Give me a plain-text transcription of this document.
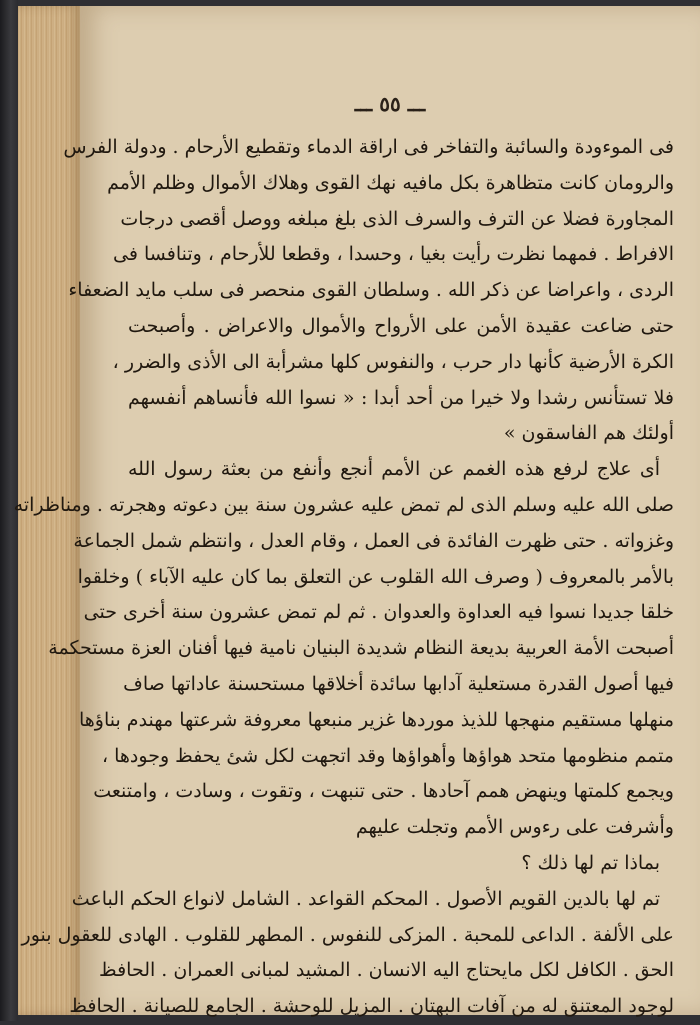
ـــ ٥٥ ـــ

فى الموءودة والسائبة والتفاخر فى اراقة الدماء وتقطيع الأرحام . ودولة الفرس

والرومان كانت متظاهرة بكل مافيه نهك القوى وهلاك الأموال وظلم الأمم

المجاورة فضلا عن الترف والسرف الذى بلغ مبلغه ووصل أقصى درجات

الافراط . فمهما نظرت رأيت بغيا ، وحسدا ، وقطعا للأرحام ، وتنافسا فى

الردى ، واعراضا عن ذكر الله . وسلطان القوى منحصر فى سلب مايد الضعفاء

حتى ضاعت عقيدة الأمن على الأرواح والأموال والاعراض . وأصبحت

الكرة الأرضية كأنها دار حرب ، والنفوس كلها مشرأبة الى الأذى والضرر ،

فلا تستأنس رشدا ولا خيرا من أحد أبدا : « نسوا الله فأنساهم أنفسهم

أولئك هم الفاسقون »

أى علاج لرفع هذه الغمم عن الأمم أنجع وأنفع من بعثة رسول الله

صلى الله عليه وسلم الذى لم تمض عليه عشرون سنة بين دعوته وهجرته . ومناظراته

وغزواته . حتى ظهرت الفائدة فى العمل ، وقام العدل ، وانتظم شمل الجماعة

بالأمر بالمعروف ( وصرف الله القلوب عن التعلق بما كان عليه الآباء ) وخلقوا

خلقا جديدا نسوا فيه العداوة والعدوان . ثم لم تمض عشرون سنة أخرى حتى

أصبحت الأمة العربية بديعة النظام شديدة البنيان نامية فيها أفنان العزة مستحكمة

فيها أصول القدرة مستعلية آدابها سائدة أخلاقها مستحسنة عاداتها صاف

منهلها مستقيم منهجها للذيذ موردها غزير منبعها معروفة شرعتها مهندم بناؤها

متمم منظومها متحد هواؤها وأهواؤها وقد اتجهت لكل شئ يحفظ وجودها ،

ويجمع كلمتها وينهض همم آحادها . حتى تنبهت ، وتقوت ، وسادت ، وامتنعت

وأشرفت على رءوس الأمم وتجلت عليهم

بماذا تم لها ذلك ؟

تم لها بالدين القويم الأصول . المحكم القواعد . الشامل لانواع الحكم الباعث

على الألفة . الداعى للمحبة . المزكى للنفوس . المطهر للقلوب . الهادى للعقول بنور

الحق . الكافل لكل مايحتاج اليه الانسان . المشيد لمبانى العمران . الحافظ

لوجود المعتنق له من آفات البهتان . المزيل للوحشة . الجامع للصيانة . الحافظ
